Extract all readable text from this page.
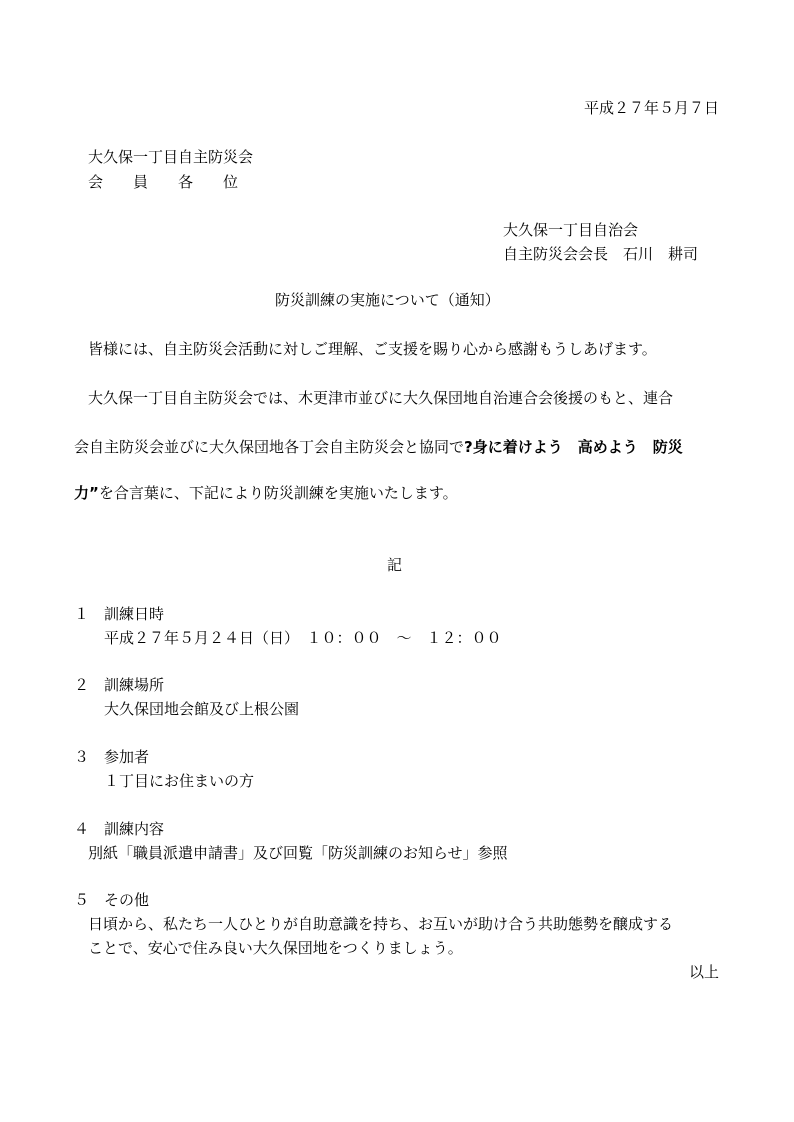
平成２７年５月７日
大久保一丁目自主防災会
会　　員　　各　　位
大久保一丁目自治会
自主防災会会長　石川　耕司
防災訓練の実施について（通知）
皆様には、自主防災会活動に対しご理解、ご支援を賜り心から感謝もうしあげます。
大久保一丁目自主防災会では、木更津市並びに大久保団地自治連合会後援のもと、連合
会自主防災会並びに大久保団地各丁会自主防災会と協同で?身に着けよう　高めよう　防災
力”を合言葉に、下記により防災訓練を実施いたします。
記
１ 訓練日時
平成２７年５月２４日（日）　１０：００　～　１２：００
２ 訓練場所
大久保団地会館及び上根公園
３ 参加者
１丁目にお住まいの方
４ 訓練内容
別紙「職員派遣申請書」及び回覧「防災訓練のお知らせ」参照
５ その他
日頃から、私たち一人ひとりが自助意識を持ち、お互いが助け合う共助態勢を醸成する
ことで、安心で住み良い大久保団地をつくりましょう。
以上
